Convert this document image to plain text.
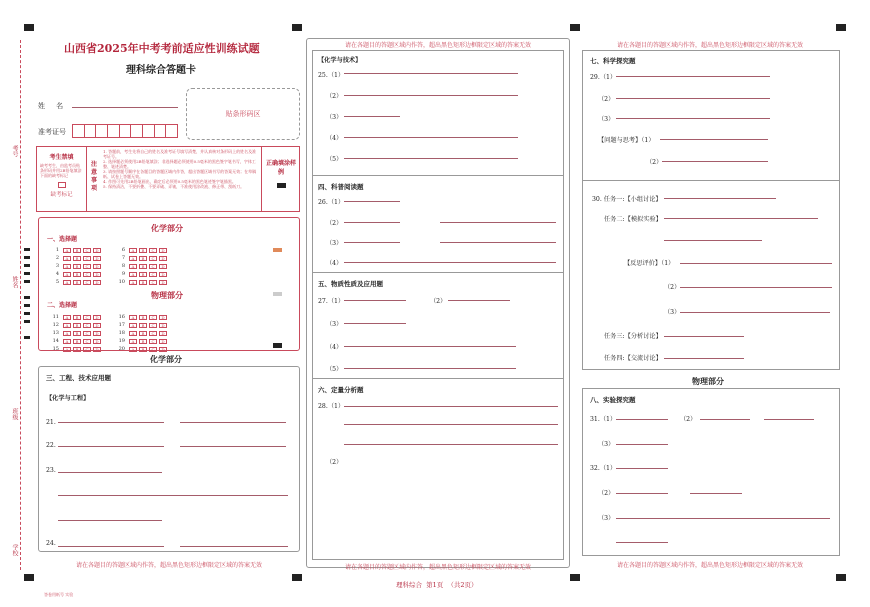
考号
姓名
班级
学校
山西省2025年中考考前适应性训练试题
理科综合答题卡
姓     名
准考证号
贴条形码区
考生禁填
缺考考生，由监考员贴条形码并用2B铅笔填涂下面的缺考标记
缺考标记
注意事项
1. 答题前，考生先将自己的姓名及准考证号填写清楚，并认真核对条形码上的姓名及准考证号。
2. 选择题必须使用2B铅笔填涂；非选择题必须使用0.5毫米的黑色签字笔书写，字体工整、笔迹清楚。
3. 请按照题号顺序在各题目的答题区域内作答，超出答题区域书写的答案无效；在草稿纸、试卷上答题无效。
4. 作图可先用2B铅笔画出，确定后必须用0.5毫米的黑色笔迹签字笔描黑。
5. 保持清洁，不要折叠、不要弄破、弄皱，不准使用涂改液、修正带、刮纸刀。
正确填涂样例
化学部分
一、选择题
1	A	B	C	D
2	A	B	C	D
3	A	B	C	D
4	A	B	C	D
5	A	B	C	D
6	A	B	C	D
7	A	B	C	D
8	A	B	C	D
9	A	B	C	D
10	A	B	C	D
物理部分
二、选择题
11	A	B	C	D
12	A	B	C	D
13	A	B	C	D
14	A	B	C	D
15	A	B	C	D
16	A	B	C	D
17	A	B	C	D
18	A	B	C	D
19	A	B	C	D
20	A	B	C	D
化学部分
三、工程、技术应用题
【化学与工程】
21.
22.
23.
24.
请在各题目的答题区域内作答，超出黑色矩形边框限定区域的答案无效
请在各题目的答题区域内作答，超出黑色矩形边框限定区域的答案无效
【化学与技术】
25.（1）
（2）
（3）
（4）
（5）
四、科普阅读题
26.（1）
（2）
（3）
（4）
五、物质性质及应用题
27.（1）	（2）
（3）
（4）
（5）
六、定量分析题
28.（1）
（2）
请在各题目的答题区域内作答，超出黑色矩形边框限定区域的答案无效
请在各题目的答题区域内作答，超出黑色矩形边框限定区域的答案无效
七、科学探究题
29.（1）
（2）
（3）
【问题与思考】（1）
（2）
30. 任务一:【小组讨论】
任务二:【模拟实验】
【反思评价】（1）
（2）
（3）
任务三:【分析讨论】
任务四:【交流讨论】
物理部分
八、实验探究题
31.（1）	（2）
（3）
32.（1）
（2）
（3）
请在各题目的答题区域内作答，超出黑色矩形边框限定区域的答案无效
理科综合  第1页  （共2页）
答卷用纸号 实验
